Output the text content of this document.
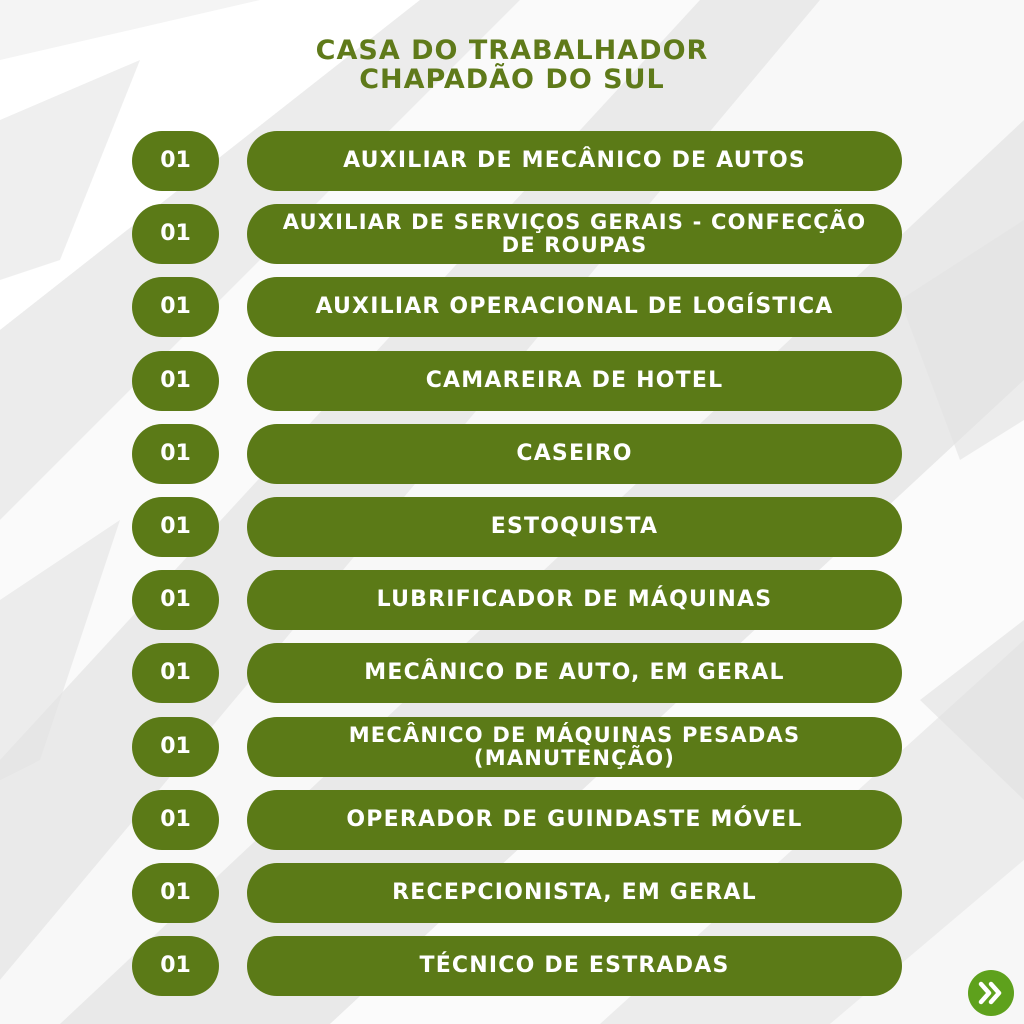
CASA DO TRABALHADOR
CHAPADÃO DO SUL
01	AUXILIAR DE MECÂNICO DE AUTOS
01	AUXILIAR DE SERVIÇOS GERAIS - CONFECÇÃO DE ROUPAS
01	AUXILIAR OPERACIONAL DE LOGÍSTICA
01	CAMAREIRA DE HOTEL
01	CASEIRO
01	ESTOQUISTA
01	LUBRIFICADOR DE MÁQUINAS
01	MECÂNICO DE AUTO, EM GERAL
01	MECÂNICO DE MÁQUINAS PESADAS (MANUTENÇÃO)
01	OPERADOR DE GUINDASTE MÓVEL
01	RECEPCIONISTA, EM GERAL
01	TÉCNICO DE ESTRADAS
